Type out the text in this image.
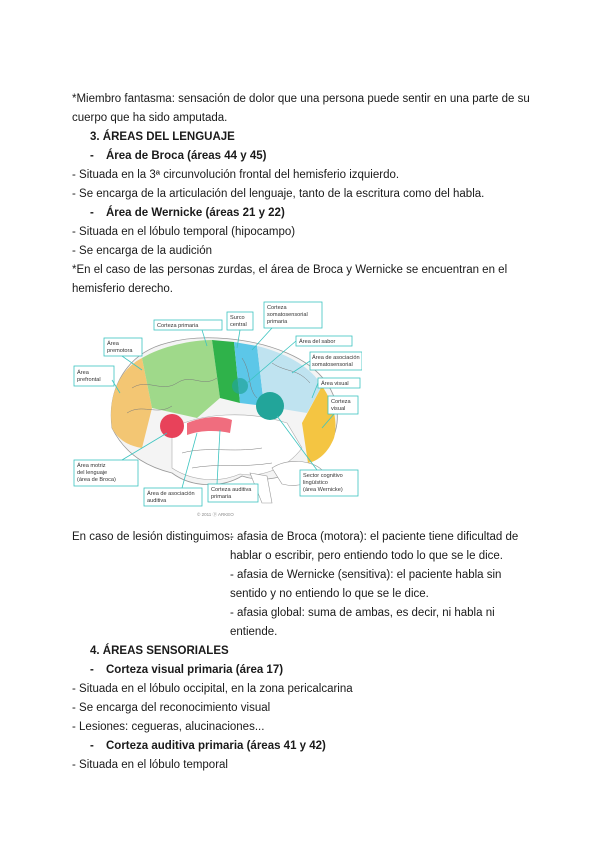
*Miembro fantasma: sensación de dolor que una persona puede sentir en una parte de su
cuerpo que ha sido amputada.
3. ÁREAS DEL LENGUAJE
- Área de Broca (áreas 44 y 45)
- Situada en la 3ª circunvolución frontal del hemisferio izquierdo.
- Se encarga de la articulación del lenguaje, tanto de la escritura como del habla.
- Área de Wernicke (áreas 21 y 22)
- Situada en el lóbulo temporal (hipocampo)
- Se encarga de la audición
*En el caso de las personas zurdas, el área de Broca y Wernicke se encuentran en el
hemisferio derecho.
Corteza primaria
Surco
central
Corteza
somatosensorial
primaria
Área
premotora
Área
prefrontal
Área del sabor
Área de asociación
somatosensorial
Área visual
Corteza
visual
Área motriz
del lenguaje
(área de Broca)
Área de asociación
auditiva
Corteza auditiva
primaria
Sector cognitivo
lingüístico
(área Wernicke)
© 2011 ⓟ ARKEO
En caso de lesión distinguimos:
- afasia de Broca (motora): el paciente tiene dificultad de
hablar o escribir, pero entiendo todo lo que se le dice.
- afasia de Wernicke (sensitiva): el paciente habla sin
sentido y no entiendo lo que se le dice.
- afasia global: suma de ambas, es decir, ni habla ni
entiende.
4. ÁREAS SENSORIALES
- Corteza visual primaria (área 17)
- Situada en el lóbulo occipital, en la zona pericalcarina
- Se encarga del reconocimiento visual
- Lesiones: cegueras, alucinaciones...
- Corteza auditiva primaria (áreas 41 y 42)
- Situada en el lóbulo temporal
